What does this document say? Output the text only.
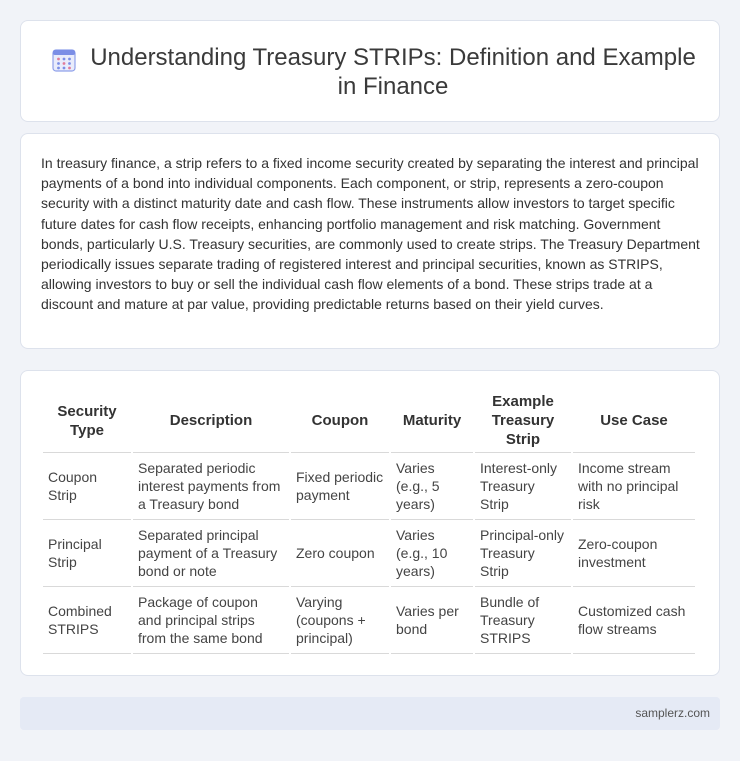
Understanding Treasury STRIPs: Definition and Example in Finance

In treasury finance, a strip refers to a fixed income security created by separating the interest and principal payments of a bond into individual components. Each component, or strip, represents a zero-coupon security with a distinct maturity date and cash flow. These instruments allow investors to target specific future dates for cash flow receipts, enhancing portfolio management and risk matching. Government bonds, particularly U.S. Treasury securities, are commonly used to create strips. The Treasury Department periodically issues separate trading of registered interest and principal securities, known as STRIPS, allowing investors to buy or sell the individual cash flow elements of a bond. These strips trade at a discount and mature at par value, providing predictable returns based on their yield curves.

Security Type	Description	Coupon	Maturity	Example Treasury Strip	Use Case
Coupon Strip	Separated periodic interest payments from a Treasury bond	Fixed periodic payment	Varies (e.g., 5 years)	Interest-only Treasury Strip	Income stream with no principal risk
Principal Strip	Separated principal payment of a Treasury bond or note	Zero coupon	Varies (e.g., 10 years)	Principal-only Treasury Strip	Zero-coupon investment
Combined STRIPS	Package of coupon and principal strips from the same bond	Varying (coupons + principal)	Varies per bond	Bundle of Treasury STRIPS	Customized cash flow streams
samplerz.com
